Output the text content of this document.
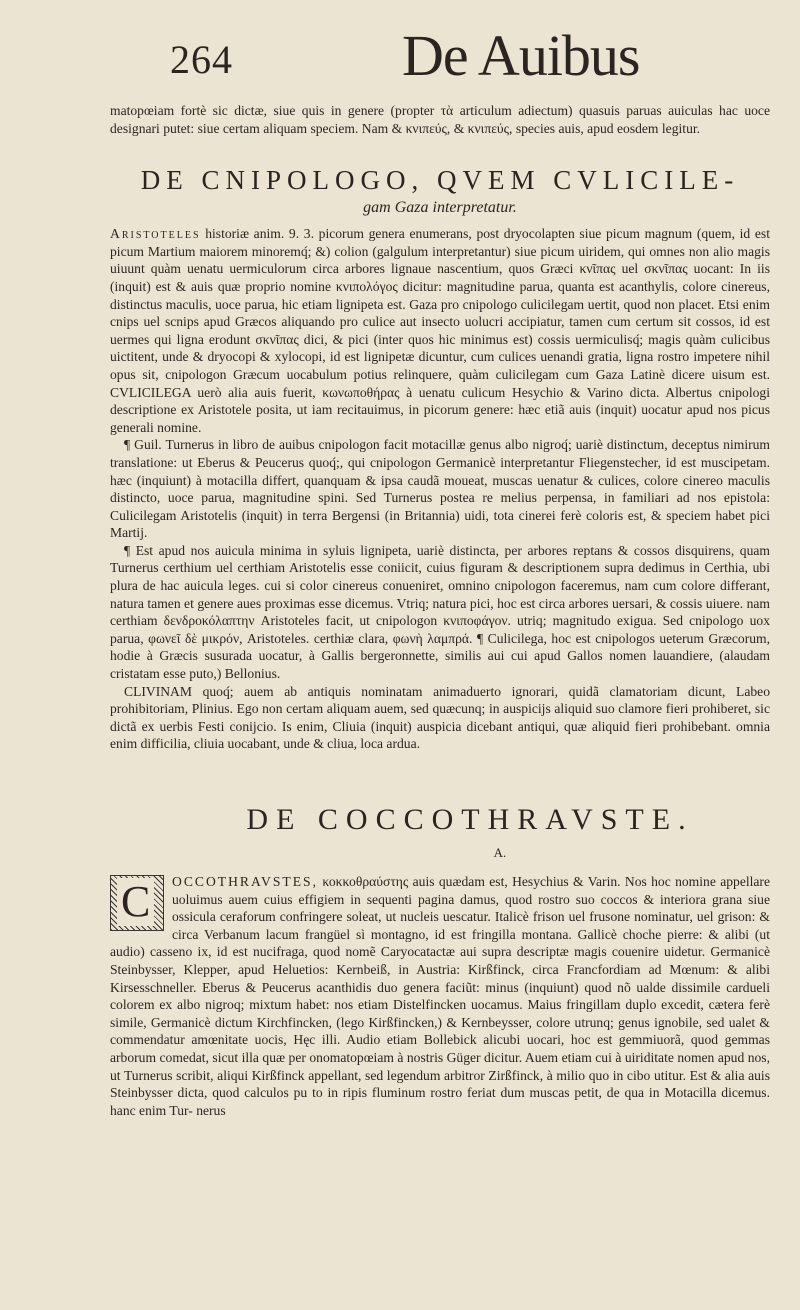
264	De Auibus

matopœiam fortè sic dictæ, siue quis in genere (propter τὰ articulum adiectum) quasuis paruas auiculas hac uoce designari putet: siue certam aliquam speciem. Nam & κνιπεύς, & κνιπεύς, species auis, apud eosdem legitur.

DE CNIPOLOGO, QVEM CVLICILE-
gam Gaza interpretatur.

Aristoteles historiæ anim. 9. 3. picorum genera enumerans, post dryocolapten siue picum magnum (quem, id est picum Martium maiorem minoremq́; &) colion (galgulum interpretantur) siue picum uiridem, qui omnes non alio magis uiuunt quàm uenatu uermiculorum circa arbores lignaue nascentium, quos Græci κνῖπας uel σκνῖπας uocant: In iis (inquit) est & auis quæ proprio nomine κνιπολόγος dicitur: magnitudine parua, quanta est acanthylis, colore cinereus, distinctus maculis, uoce parua, hic etiam lignipeta est. Gaza pro cnipologo culicilegam uertit, quod non placet. Etsi enim cnips uel scnips apud Græcos aliquando pro culice aut insecto uolucri accipiatur, tamen cum certum sit cossos, id est uermes qui ligna erodunt σκνῖπας dici, & pici (inter quos hic minimus est) cossis uermiculisq́; magis quàm culicibus uictitent, unde & dryocopi & xylocopi, id est lignipetæ dicuntur, cum culices uenandi gratia, ligna rostro impetere nihil opus sit, cnipologon Græcum uocabulum potius relinquere, quàm culicilegam cum Gaza Latinè dicere uisum est. CVLICILEGA uerò alia auis fuerit, κωνωποθήρας à uenatu culicum Hesychio & Varino dicta. Albertus cnipologi descriptione ex Aristotele posita, ut iam recitauimus, in picorum genere: hæc etiã auis (inquit) uocatur apud nos picus generali nomine.

¶ Guil. Turnerus in libro de auibus cnipologon facit motacillæ genus albo nigroq́; uariè distinctum, deceptus nimirum translatione: ut Eberus & Peucerus quoq́;, qui cnipologon Germanicè interpretantur Fliegenstecher, id est muscipetam. hæc (inquiunt) à motacilla differt, quanquam & ipsa caudã moueat, muscas uenatur & culices, colore cinereo maculis distincto, uoce parua, magnitudine spini. Sed Turnerus postea re melius perpensa, in familiari ad nos epistola: Culicilegam Aristotelis (inquit) in terra Bergensi (in Britannia) uidi, tota cinerei ferè coloris est, & speciem habet pici Martij.

¶ Est apud nos auicula minima in syluis lignipeta, uariè distincta, per arbores reptans & cossos disquirens, quam Turnerus certhium uel certhiam Aristotelis esse coniicit, cuius figuram & descriptionem supra dedimus in Certhia, ubi plura de hac auicula leges. cui si color cinereus conueniret, omnino cnipologon faceremus, nam cum colore differant, natura tamen et genere aues proximas esse dicemus. Vtriq; natura pici, hoc est circa arbores uersari, & cossis uiuere. nam certhiam δενδροκόλαπτην Aristoteles facit, ut cnipologon κνιποφάγον. utriq; magnitudo exigua. Sed cnipologo uox parua, φωνεῖ δὲ μικρόν, Aristoteles. certhiæ clara, φωνὴ λαμπρά. ¶ Culicilega, hoc est cnipologos ueterum Græcorum, hodie à Græcis susurada uocatur, à Gallis bergeronnette, similis aui cui apud Gallos nomen lauandiere, (alaudam cristatam esse puto,) Bellonius.

CLIVINAM quoq́; auem ab antiquis nominatam animaduerto ignorari, quidã clamatoriam dicunt, Labeo prohibitoriam, Plinius. Ego non certam aliquam auem, sed quæcunq; in auspicijs aliquid suo clamore fieri prohiberet, sic dictã ex uerbis Festi conijcio. Is enim, Cliuia (inquit) auspicia dicebant antiqui, quæ aliquid fieri prohibebant. omnia enim difficilia, cliuia uocabant, unde & cliua, loca ardua.

DE COCCOTHRAVSTE.
A.

C OCCOTHRAVSTES, κοκκοθραύστης auis quædam est, Hesychius & Varin. Nos hoc nomine appellare uoluimus auem cuius effigiem in sequenti pagina damus, quod rostro suo coccos & interiora grana siue ossicula ceraforum confringere soleat, ut nucleis uescatur. Italicè frison uel frusone nominatur, uel grison: & circa Verbanum lacum frangüel sì montagno, id est fringilla montana. Gallicè choche pierre: & alibi (ut audio) casseno ix, id est nucifraga, quod nomẽ Caryocatactæ aui supra descriptæ magis couenire uidetur. Germanicè Steinbysser, Klepper, apud Heluetios: Kernbeiß, in Austria: Kirßfinck, circa Francfordiam ad Mœnum: & alibi Kirsesschneller. Eberus & Peucerus acanthidis duo genera faciũt: minus (inquiunt) quod nõ ualde dissimile cardueli colorem ex albo nigroq; mixtum habet: nos etiam Distelfincken uocamus. Maius fringillam duplo excedit, cætera ferè simile, Germanicè dictum Kirchfincken, (lego Kirßfincken,) & Kernbeysser, colore utrunq; genus ignobile, sed ualet & commendatur amœnitate uocis, Hęc illi. Audio etiam Bollebick alicubi uocari, hoc est gemmiuorã, quod gemmas arborum comedat, sicut illa quæ per onomatopœiam à nostris Güger dicitur. Auem etiam cui à uiriditate nomen apud nos, ut Turnerus scribit, aliqui Kirßfinck appellant, sed legendum arbitror Zirßfinck, à milio quo in cibo utitur. Est & alia auis Steinbysser dicta, quod calculos pu to in ripis fluminum rostro feriat dum muscas petit, de qua in Motacilla dicemus. hanc enim Tur- nerus
